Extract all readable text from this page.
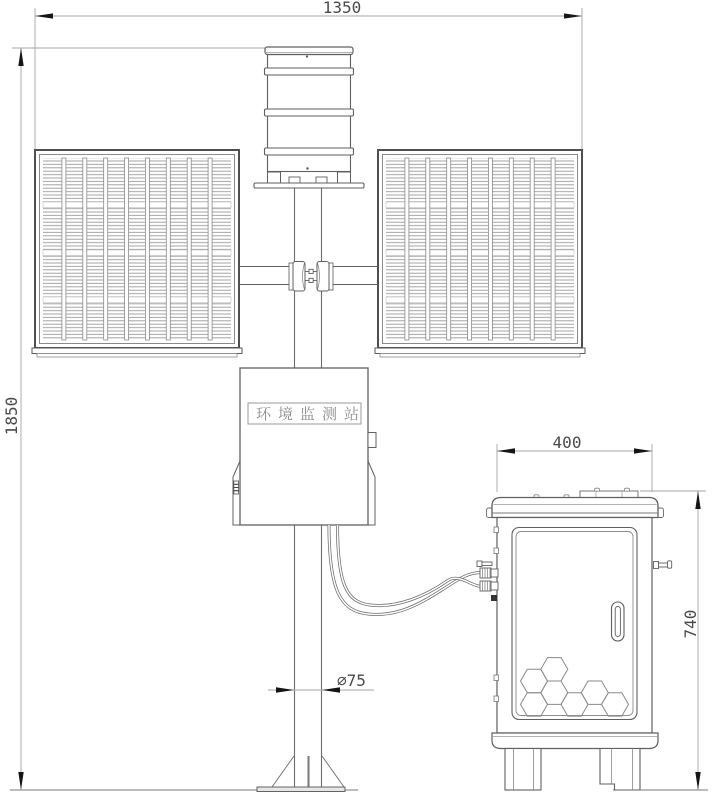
1350
1850
∅75
环境监测站
400
740
